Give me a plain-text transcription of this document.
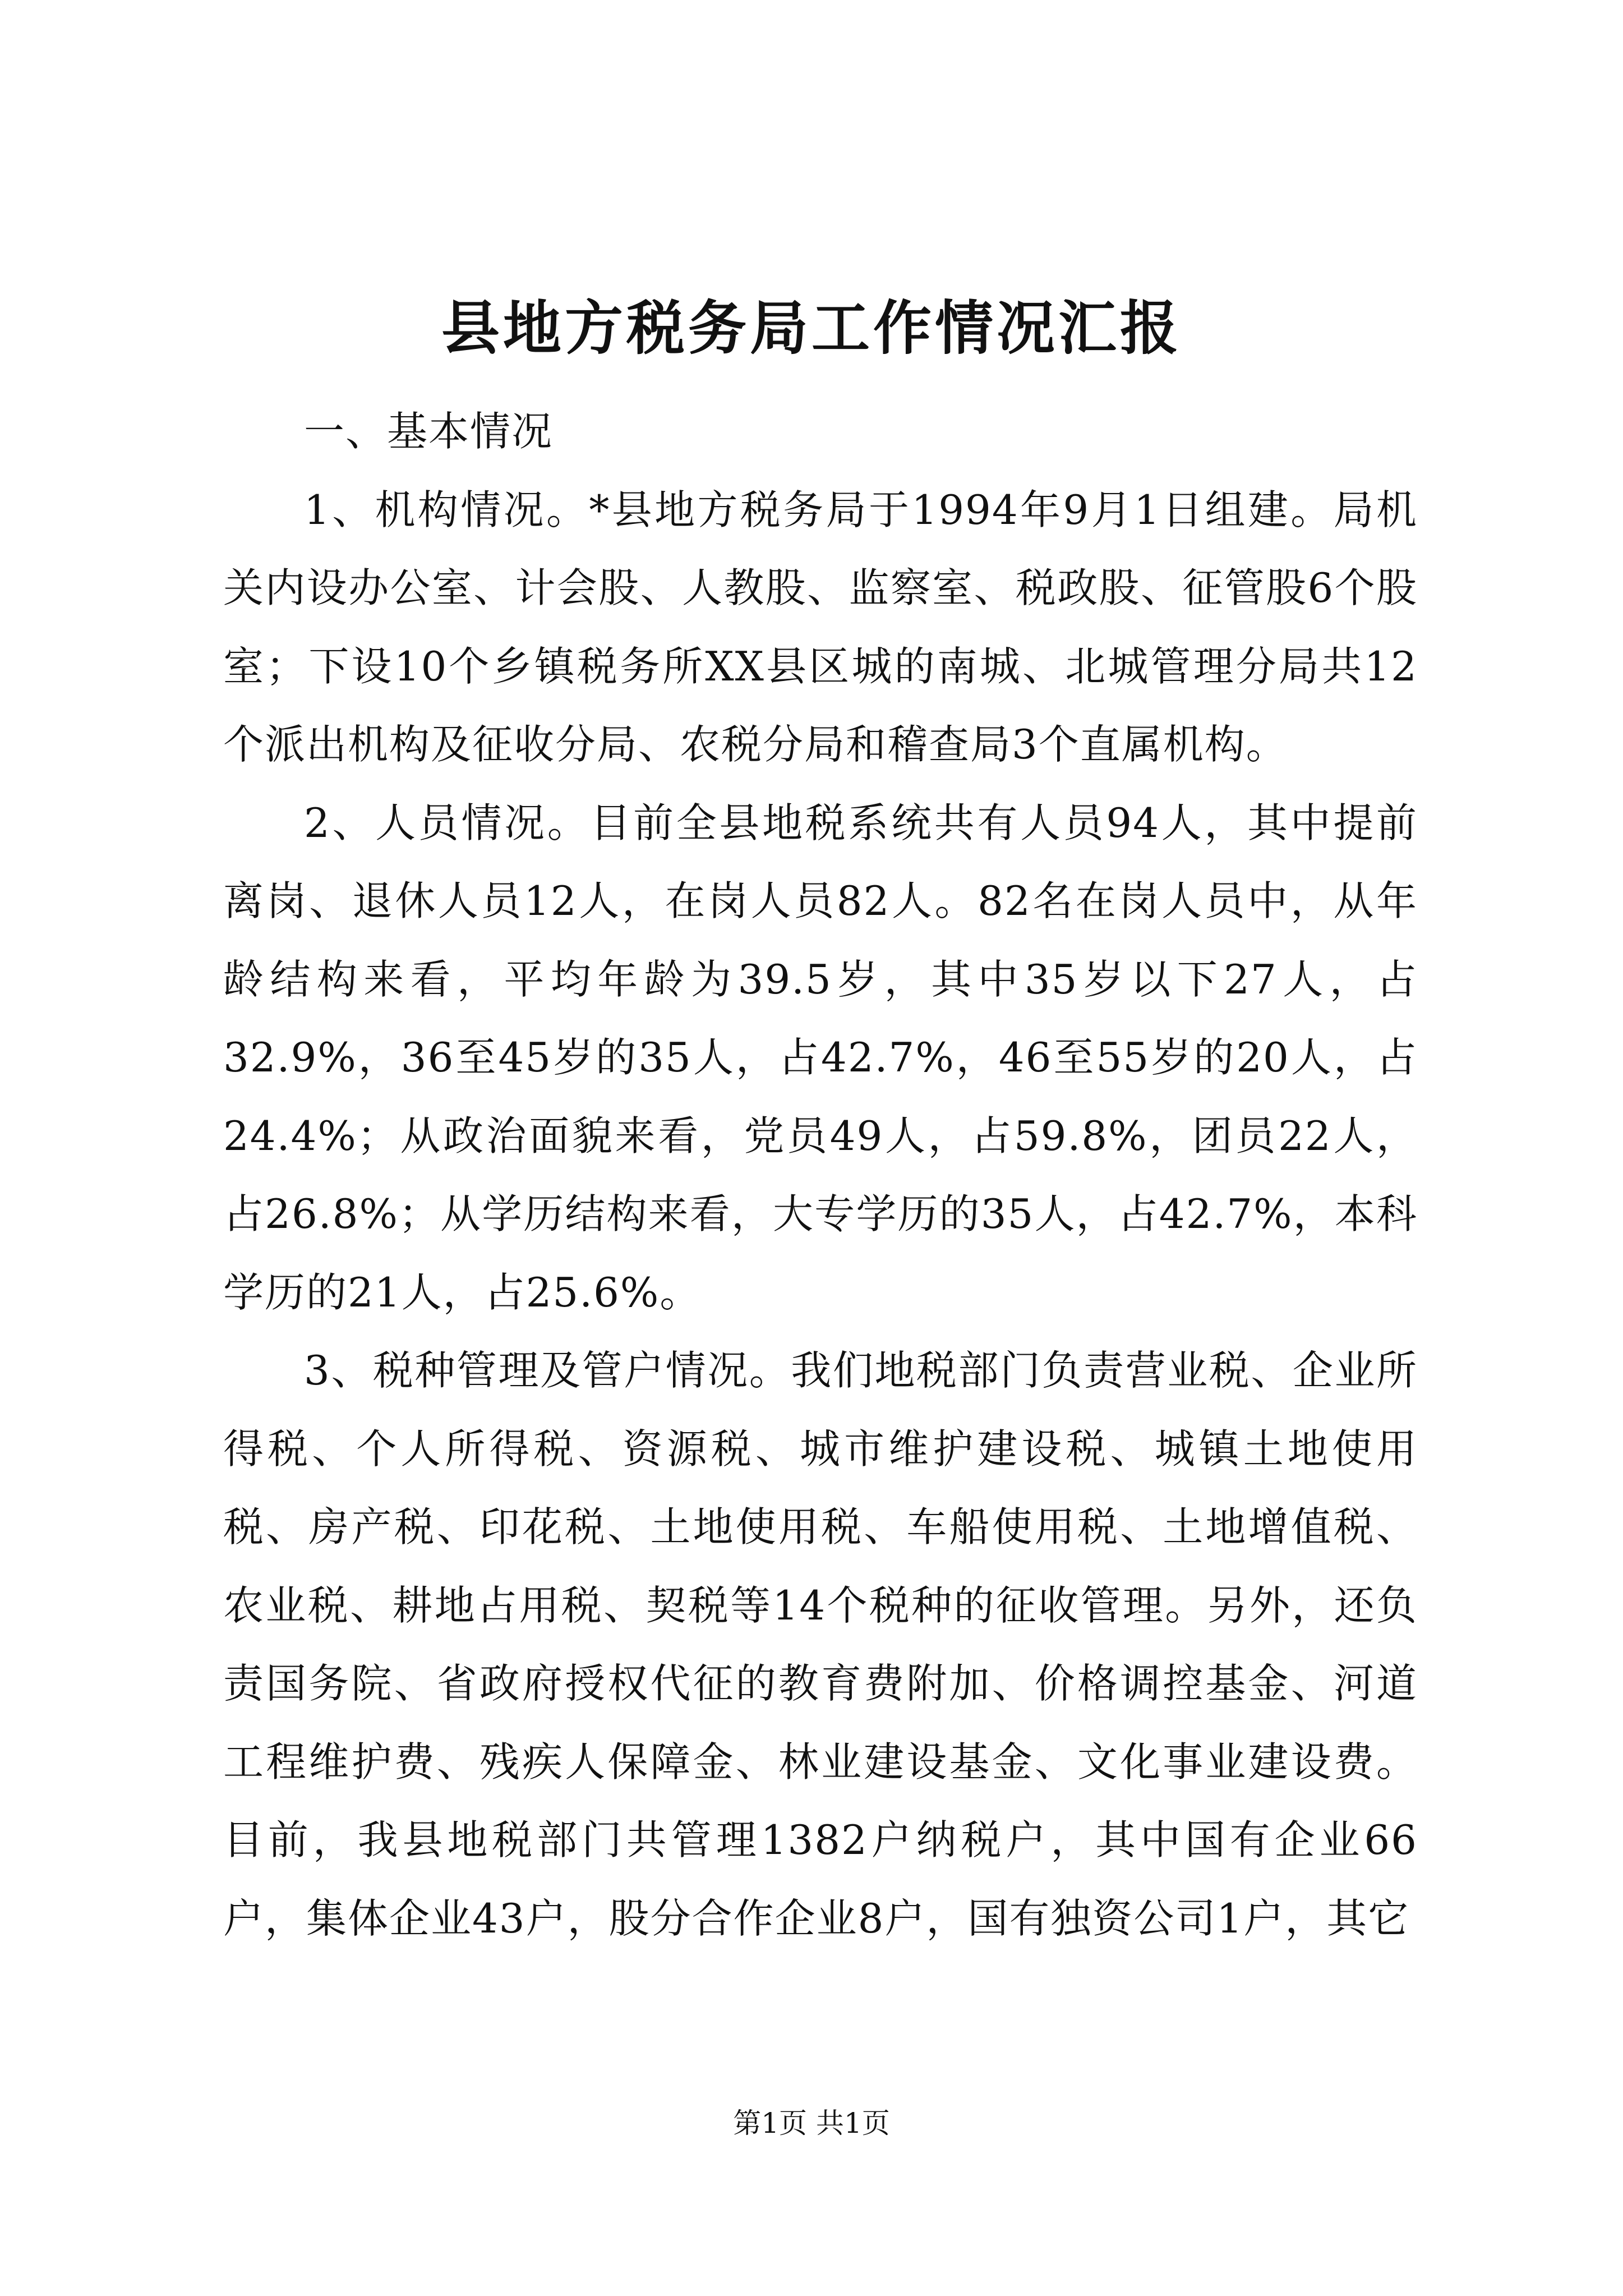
县地方税务局工作情况汇报

一、基本情况

1、机构情况。*县地方税务局于1994年9月1日组建。局机关内设办公室、计会股、人教股、监察室、税政股、征管股6个股室；下设10个乡镇税务所XX县区城的南城、北城管理分局共12个派出机构及征收分局、农税分局和稽查局3个直属机构。

2、人员情况。目前全县地税系统共有人员94人，其中提前离岗、退休人员12人，在岗人员82人。82名在岗人员中，从年龄结构来看，平均年龄为39.5岁，其中35岁以下27人，占32.9%，36至45岁的35人，占42.7%，46至55岁的20人，占24.4%；从政治面貌来看，党员49人，占59.8%，团员22人，占26.8%；从学历结构来看，大专学历的35人，占42.7%，本科学历的21人，占25.6%。

3、税种管理及管户情况。我们地税部门负责营业税、企业所得税、个人所得税、资源税、城市维护建设税、城镇土地使用税、房产税、印花税、土地使用税、车船使用税、土地增值税、农业税、耕地占用税、契税等14个税种的征收管理。另外，还负责国务院、省政府授权代征的教育费附加、价格调控基金、河道工程维护费、残疾人保障金、林业建设基金、文化事业建设费。目前，我县地税部门共管理1382户纳税户，其中国有企业66户，集体企业43户，股分合作企业8户，国有独资公司1户，其它

第1页 共1页
